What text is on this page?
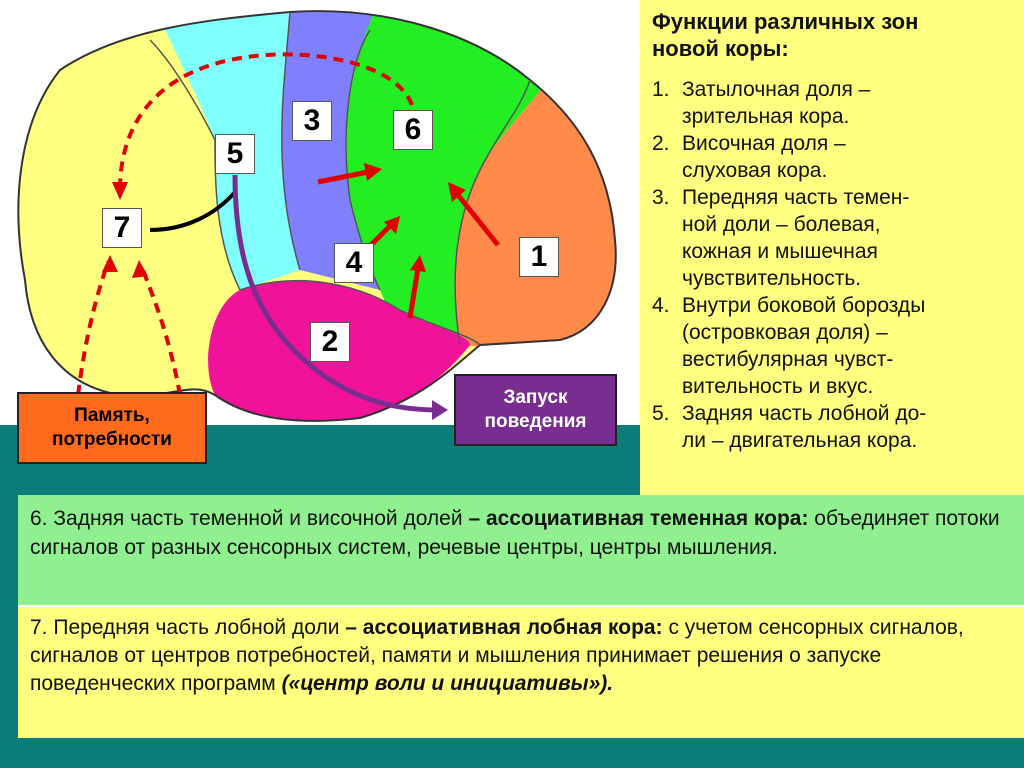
1
2
3
4
5
6
7
Память,
потребности
Запуск
поведения
Функции различных зон
новой коры:
1. Затылочная доля –
зрительная кора.
2. Височная доля –
слуховая кора.
3. Передняя часть темен-
ной доли – болевая,
кожная и мышечная
чувствительность.
4. Внутри боковой борозды
(островковая доля) –
вестибулярная чувст-
вительность и вкус.
5. Задняя часть лобной до-
ли – двигательная кора.
6. Задняя часть теменной и височной долей – ассоциативная теменная кора: объединяет потоки сигналов от разных сенсорных систем, речевые центры, центры мышления.
7. Передняя часть лобной доли – ассоциативная лобная кора: с учетом сенсорных сигналов, сигналов от центров потребностей, памяти и мышления принимает решения о запуске поведенческих программ («центр воли и инициативы»).
